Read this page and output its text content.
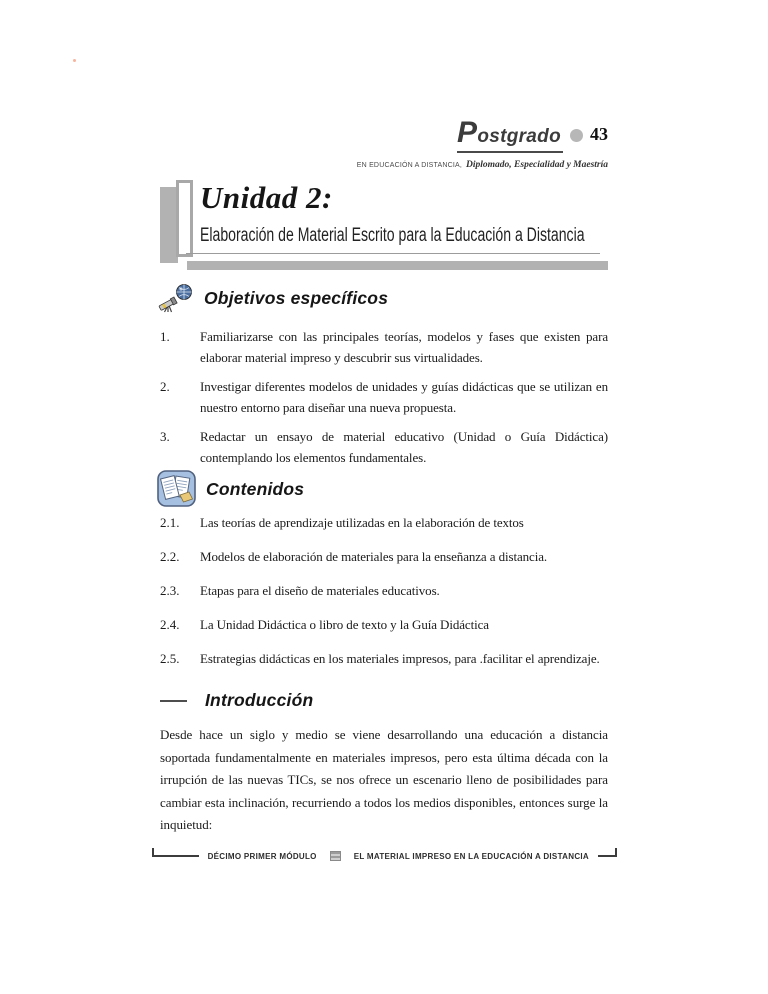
Postgrado 43
EN EDUCACIÓN A DISTANCIA, Diplomado, Especialidad y Maestría
Unidad 2:
Elaboración de Material Escrito para la Educación a Distancia
Objetivos específicos
1.	Familiarizarse con las principales teorías, modelos y fases que existen para elaborar material impreso y descubrir sus virtualidades.
2.	Investigar diferentes modelos de unidades y guías didácticas que se utilizan en nuestro entorno para diseñar una nueva propuesta.
3.	Redactar un ensayo de material educativo (Unidad o Guía Didáctica) contemplando los elementos fundamentales.
Contenidos
2.1.	Las teorías de aprendizaje utilizadas en la elaboración de textos
2.2.	Modelos de elaboración de materiales para la enseñanza a distancia.
2.3.	Etapas para el diseño de materiales educativos.
2.4.	La Unidad Didáctica o libro de texto y la Guía Didáctica
2.5.	Estrategias didácticas en los materiales impresos, para .facilitar el aprendizaje.
Introducción

Desde hace un siglo y medio se viene desarrollando una educación a distancia soportada fundamentalmente en materiales impresos, pero esta última década con la irrupción de las nuevas TICs, se nos ofrece un escenario lleno de posibilidades para cambiar esta inclinación, recurriendo a todos los medios disponibles, entonces surge la inquietud:

DÉCIMO PRIMER MÓDULO	EL MATERIAL IMPRESO EN LA EDUCACIÓN A DISTANCIA
